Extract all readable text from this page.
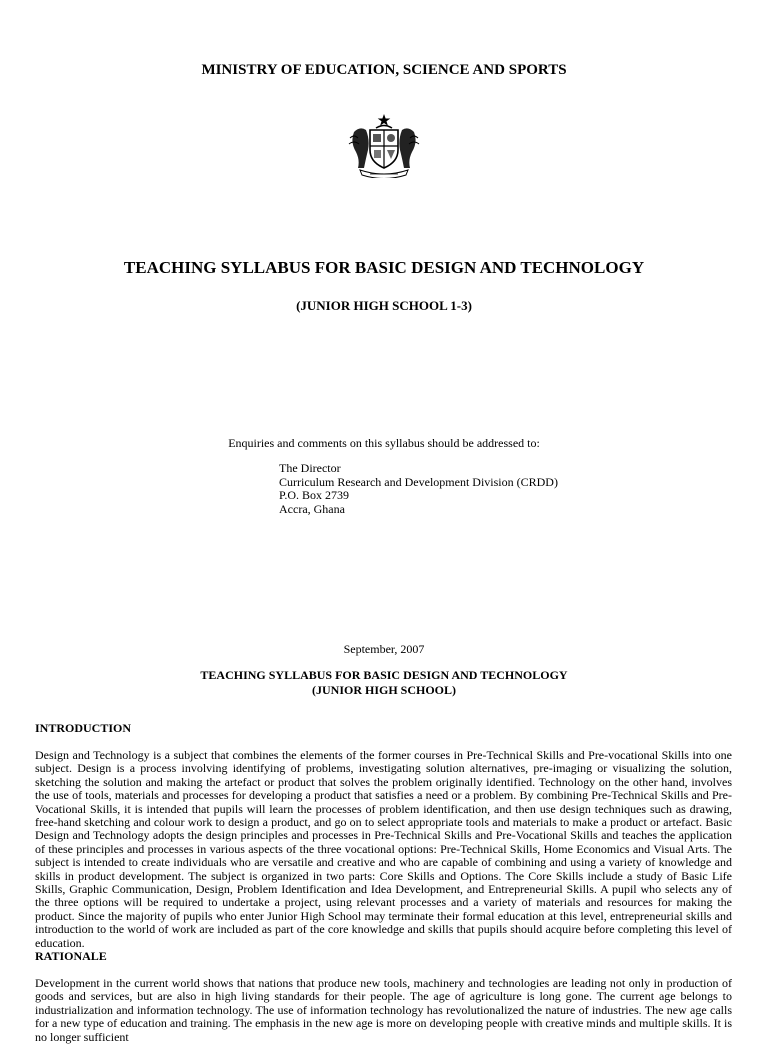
MINISTRY OF EDUCATION, SCIENCE AND SPORTS
TEACHING SYLLABUS FOR BASIC DESIGN AND TECHNOLOGY
(JUNIOR HIGH SCHOOL 1-3)
Enquiries and comments on this syllabus should be addressed to:
The Director
Curriculum Research and Development Division (CRDD)
P.O. Box 2739
Accra, Ghana
September, 2007
TEACHING SYLLABUS FOR BASIC DESIGN AND TECHNOLOGY
(JUNIOR HIGH SCHOOL)
INTRODUCTION
Design and Technology is a subject that combines the elements of the former courses in Pre-Technical Skills and Pre-vocational Skills into one subject. Design is a process involving identifying of problems, investigating solution alternatives, pre-imaging or visualizing the solution, sketching the solution and making the artefact or product that solves the problem originally identified. Technology on the other hand, involves the use of tools, materials and processes for developing a product that satisfies a need or a problem. By combining Pre-Technical Skills and Pre-Vocational Skills, it is intended that pupils will learn the processes of problem identification, and then use design techniques such as drawing, free-hand sketching and colour work to design a product, and go on to select appropriate tools and materials to make a product or artefact. Basic Design and Technology adopts the design principles and processes in Pre-Technical Skills and Pre-Vocational Skills and teaches the application of these principles and processes in various aspects of the three vocational options: Pre-Technical Skills, Home Economics and Visual Arts. The subject is intended to create individuals who are versatile and creative and who are capable of combining and using a variety of knowledge and skills in product development. The subject is organized in two parts: Core Skills and Options. The Core Skills include a study of Basic Life Skills, Graphic Communication, Design, Problem Identification and Idea Development, and Entrepreneurial Skills. A pupil who selects any of the three options will be required to undertake a project, using relevant processes and a variety of materials and resources for making the product. Since the majority of pupils who enter Junior High School may terminate their formal education at this level, entrepreneurial skills and introduction to the world of work are included as part of the core knowledge and skills that pupils should acquire before completing this level of education.
RATIONALE
Development in the current world shows that nations that produce new tools, machinery and technologies are leading not only in production of goods and services, but are also in high living standards for their people. The age of agriculture is long gone. The current age belongs to industrialization and information technology. The use of information technology has revolutionalized the nature of industries. The new age calls for a new type of education and training. The emphasis in the new age is more on developing people with creative minds and multiple skills. It is no longer sufficient
